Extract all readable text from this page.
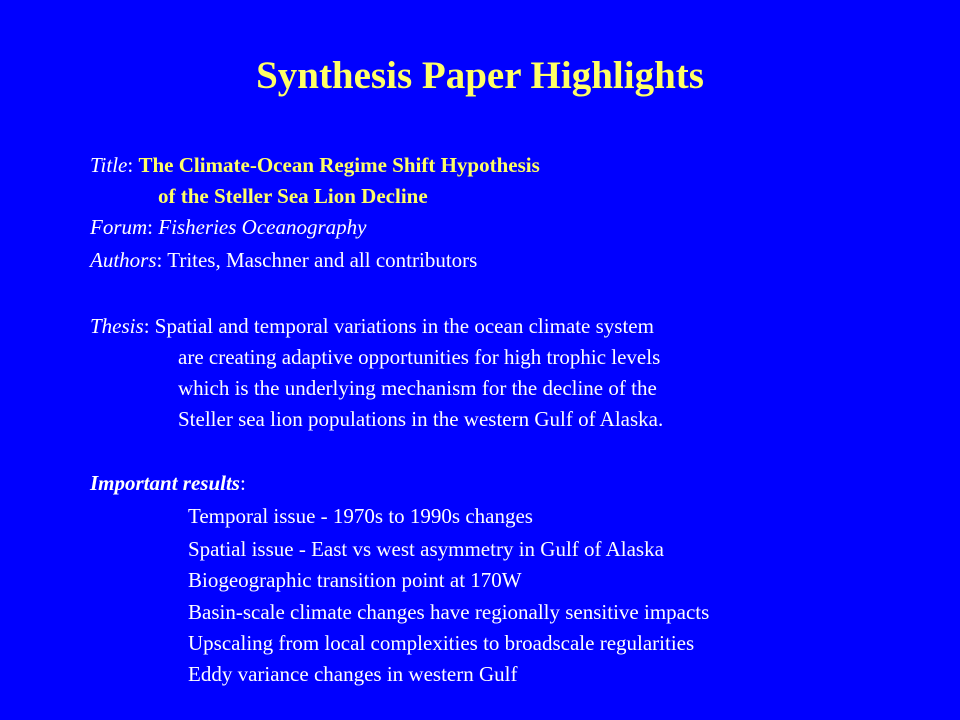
Synthesis Paper Highlights
Title: The Climate-Ocean Regime Shift Hypothesis
of the Steller Sea Lion Decline
Forum: Fisheries Oceanography
Authors: Trites, Maschner and all contributors
Thesis: Spatial and temporal variations in the ocean climate system
are creating adaptive opportunities for high trophic levels
which is the underlying mechanism for the decline of the
Steller sea lion populations in the western Gulf of Alaska.
Important results:
Temporal issue - 1970s to 1990s changes
Spatial issue - East vs west asymmetry in Gulf of Alaska
Biogeographic transition point at 170W
Basin-scale climate changes have regionally sensitive impacts
Upscaling from local complexities to broadscale regularities
Eddy variance changes in western Gulf
